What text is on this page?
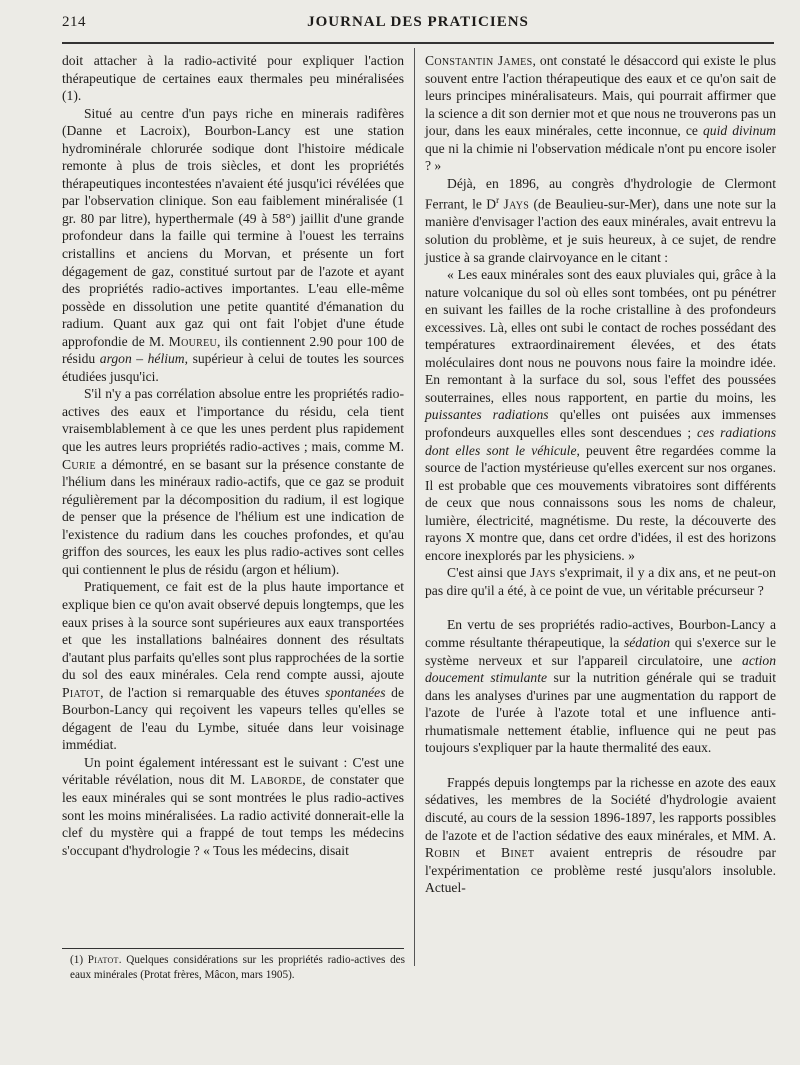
214	JOURNAL DES PRATICIENS

doit attacher à la radio-activité pour expliquer l'action thérapeutique de certaines eaux thermales peu minéralisées (1).

Situé au centre d'un pays riche en minerais radifères (Danne et Lacroix), Bourbon-Lancy est une station hydrominérale chlorurée sodique dont l'histoire médicale remonte à plus de trois siècles, et dont les propriétés thérapeutiques incontestées n'avaient été jusqu'ici révélées que par l'observation clinique. Son eau faiblement minéralisée (1 gr. 80 par litre), hyperthermale (49 à 58°) jaillit d'une grande profondeur dans la faille qui termine à l'ouest les terrains cristallins et anciens du Morvan, et présente un fort dégagement de gaz, constitué surtout par de l'azote et ayant des propriétés radio-actives importantes. L'eau elle-même possède en dissolution une petite quantité d'émanation du radium. Quant aux gaz qui ont fait l'objet d'une étude approfondie de M. Moureu, ils contiennent 2.90 pour 100 de résidu argon – hélium, supérieur à celui de toutes les sources étudiées jusqu'ici.

S'il n'y a pas corrélation absolue entre les propriétés radio-actives des eaux et l'importance du résidu, cela tient vraisemblablement à ce que les unes perdent plus rapidement que les autres leurs propriétés radio-actives ; mais, comme M. Curie a démontré, en se basant sur la présence constante de l'hélium dans les minéraux radio-actifs, que ce gaz se produit régulièrement par la décomposition du radium, il est logique de penser que la présence de l'hélium est une indication de l'existence du radium dans les couches profondes, et qu'au griffon des sources, les eaux les plus radio-actives sont celles qui contiennent le plus de résidu (argon et hélium).

Pratiquement, ce fait est de la plus haute importance et explique bien ce qu'on avait observé depuis longtemps, que les eaux prises à la source sont supérieures aux eaux transportées et que les installations balnéaires donnent des résultats d'autant plus parfaits qu'elles sont plus rapprochées de la sortie du sol des eaux minérales. Cela rend compte aussi, ajoute Piatot, de l'action si remarquable des étuves spontanées de Bourbon-Lancy qui reçoivent les vapeurs telles qu'elles se dégagent de l'eau du Lymbe, située dans leur voisinage immédiat.

Un point également intéressant est le suivant : C'est une véritable révélation, nous dit M. Laborde, de constater que les eaux minérales qui se sont montrées le plus radio-actives sont les moins minéralisées. La radio activité donnerait-elle la clef du mystère qui a frappé de tout temps les médecins s'occupant d'hydrologie ? « Tous les médecins, disait

(1) Piatot. Quelques considérations sur les propriétés radio-actives des eaux minérales (Protat frères, Mâcon, mars 1905).

Constantin James, ont constaté le désaccord qui existe le plus souvent entre l'action thérapeutique des eaux et ce qu'on sait de leurs principes minéralisateurs. Mais, qui pourrait affirmer que la science a dit son dernier mot et que nous ne trouverons pas un jour, dans les eaux minérales, cette inconnue, ce quid divinum que ni la chimie ni l'observation médicale n'ont pu encore isoler ? »

Déjà, en 1896, au congrès d'hydrologie de Clermont Ferrant, le $D^r$ Jays (de Beaulieu-sur-Mer), dans une note sur la manière d'envisager l'action des eaux minérales, avait entrevu la solution du problème, et je suis heureux, à ce sujet, de rendre justice à sa grande clairvoyance en le citant :

« Les eaux minérales sont des eaux pluviales qui, grâce à la nature volcanique du sol où elles sont tombées, ont pu pénétrer en suivant les failles de la roche cristalline à des profondeurs excessives. Là, elles ont subi le contact de roches possédant des températures extraordinairement élevées, et des états moléculaires dont nous ne pouvons nous faire la moindre idée. En remontant à la surface du sol, sous l'effet des poussées souterraines, elles nous rapportent, en partie du moins, les puissantes radiations qu'elles ont puisées aux immenses profondeurs auxquelles elles sont descendues ; ces radiations dont elles sont le véhicule, peuvent être regardées comme la source de l'action mystérieuse qu'elles exercent sur nos organes. Il est probable que ces mouvements vibratoires sont différents de ceux que nous connaissons sous les noms de chaleur, lumière, électricité, magnétisme. Du reste, la découverte des rayons X montre que, dans cet ordre d'idées, il est des horizons encore inexplorés par les physiciens. »

C'est ainsi que Jays s'exprimait, il y a dix ans, et ne peut-on pas dire qu'il a été, à ce point de vue, un véritable précurseur ?

En vertu de ses propriétés radio-actives, Bourbon-Lancy a comme résultante thérapeutique, la sédation qui s'exerce sur le système nerveux et sur l'appareil circulatoire, une action doucement stimulante sur la nutrition générale qui se traduit dans les analyses d'urines par une augmentation du rapport de l'azote de l'urée à l'azote total et une influence anti-rhumatismale nettement établie, influence qui ne peut pas toujours s'expliquer par la haute thermalité des eaux.

Frappés depuis longtemps par la richesse en azote des eaux sédatives, les membres de la Société d'hydrologie avaient discuté, au cours de la session 1896-1897, les rapports possibles de l'azote et de l'action sédative des eaux minérales, et MM. A. Robin et Binet avaient entrepris de résoudre par l'expérimentation ce problème resté jusqu'alors insoluble. Actuel-
